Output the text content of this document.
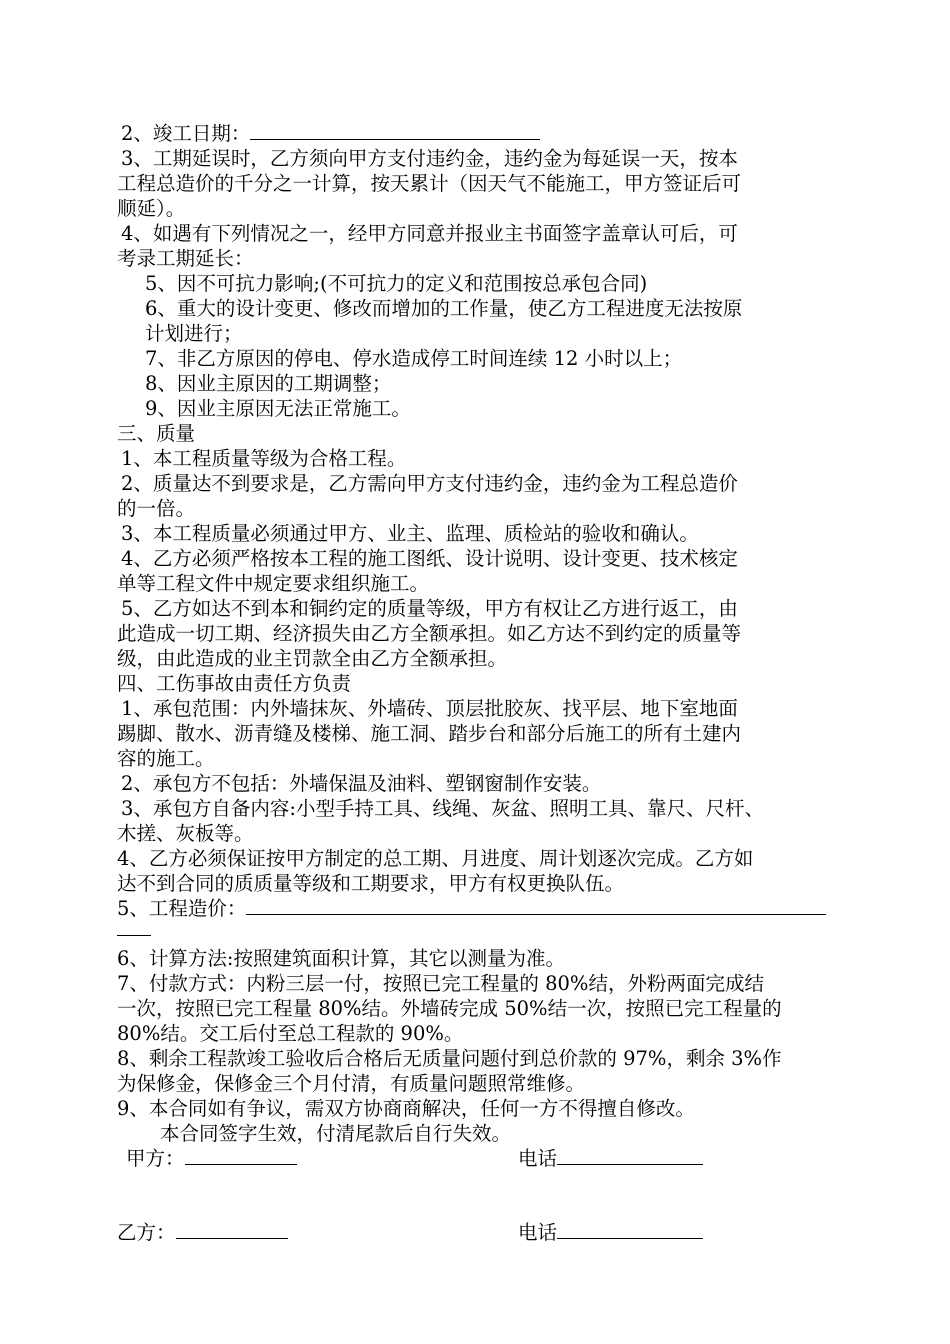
2、竣工日期：

3、工期延误时，乙方须向甲方支付违约金，违约金为每延误一天，按本

工程总造价的千分之一计算，按天累计（因天气不能施工，甲方签证后可

顺延）。

4、如遇有下列情况之一，经甲方同意并报业主书面签字盖章认可后，可

考录工期延长：

5、因不可抗力影响;(不可抗力的定义和范围按总承包合同)

6、重大的设计变更、修改而增加的工作量，使乙方工程进度无法按原

计划进行；

7、非乙方原因的停电、停水造成停工时间连续 12 小时以上；

8、因业主原因的工期调整；

9、因业主原因无法正常施工。

三、质量

1、本工程质量等级为合格工程。

2、质量达不到要求是，乙方需向甲方支付违约金，违约金为工程总造价

的一倍。

3、本工程质量必须通过甲方、业主、监理、质检站的验收和确认。

4、乙方必须严格按本工程的施工图纸、设计说明、设计变更、技术核定

单等工程文件中规定要求组织施工。

5、乙方如达不到本和铜约定的质量等级，甲方有权让乙方进行返工，由

此造成一切工期、经济损失由乙方全额承担。如乙方达不到约定的质量等

级，由此造成的业主罚款全由乙方全额承担。

四、工伤事故由责任方负责

1、承包范围：内外墙抹灰、外墙砖、顶层批胶灰、找平层、地下室地面

踢脚、散水、沥青缝及楼梯、施工洞、踏步台和部分后施工的所有土建内

容的施工。

2、承包方不包括：外墙保温及油料、塑钢窗制作安装。

3、承包方自备内容:小型手持工具、线绳、灰盆、照明工具、靠尺、尺杆、

木搓、灰板等。

4、乙方必须保证按甲方制定的总工期、月进度、周计划逐次完成。乙方如

达不到合同的质质量等级和工期要求，甲方有权更换队伍。

5、工程造价：

6、计算方法:按照建筑面积计算，其它以测量为准。

7、付款方式：内粉三层一付，按照已完工程量的 80%结，外粉两面完成结

一次，按照已完工程量 80%结。外墙砖完成 50%结一次，按照已完工程量的

80%结。交工后付至总工程款的 90%。

8、剩余工程款竣工验收后合格后无质量问题付到总价款的 97%，剩余 3%作

为保修金，保修金三个月付清，有质量问题照常维修。

9、本合同如有争议，需双方协商商解决，任何一方不得擅自修改。

本合同签字生效，付清尾款后自行失效。

甲方：	电话
乙方：	电话
